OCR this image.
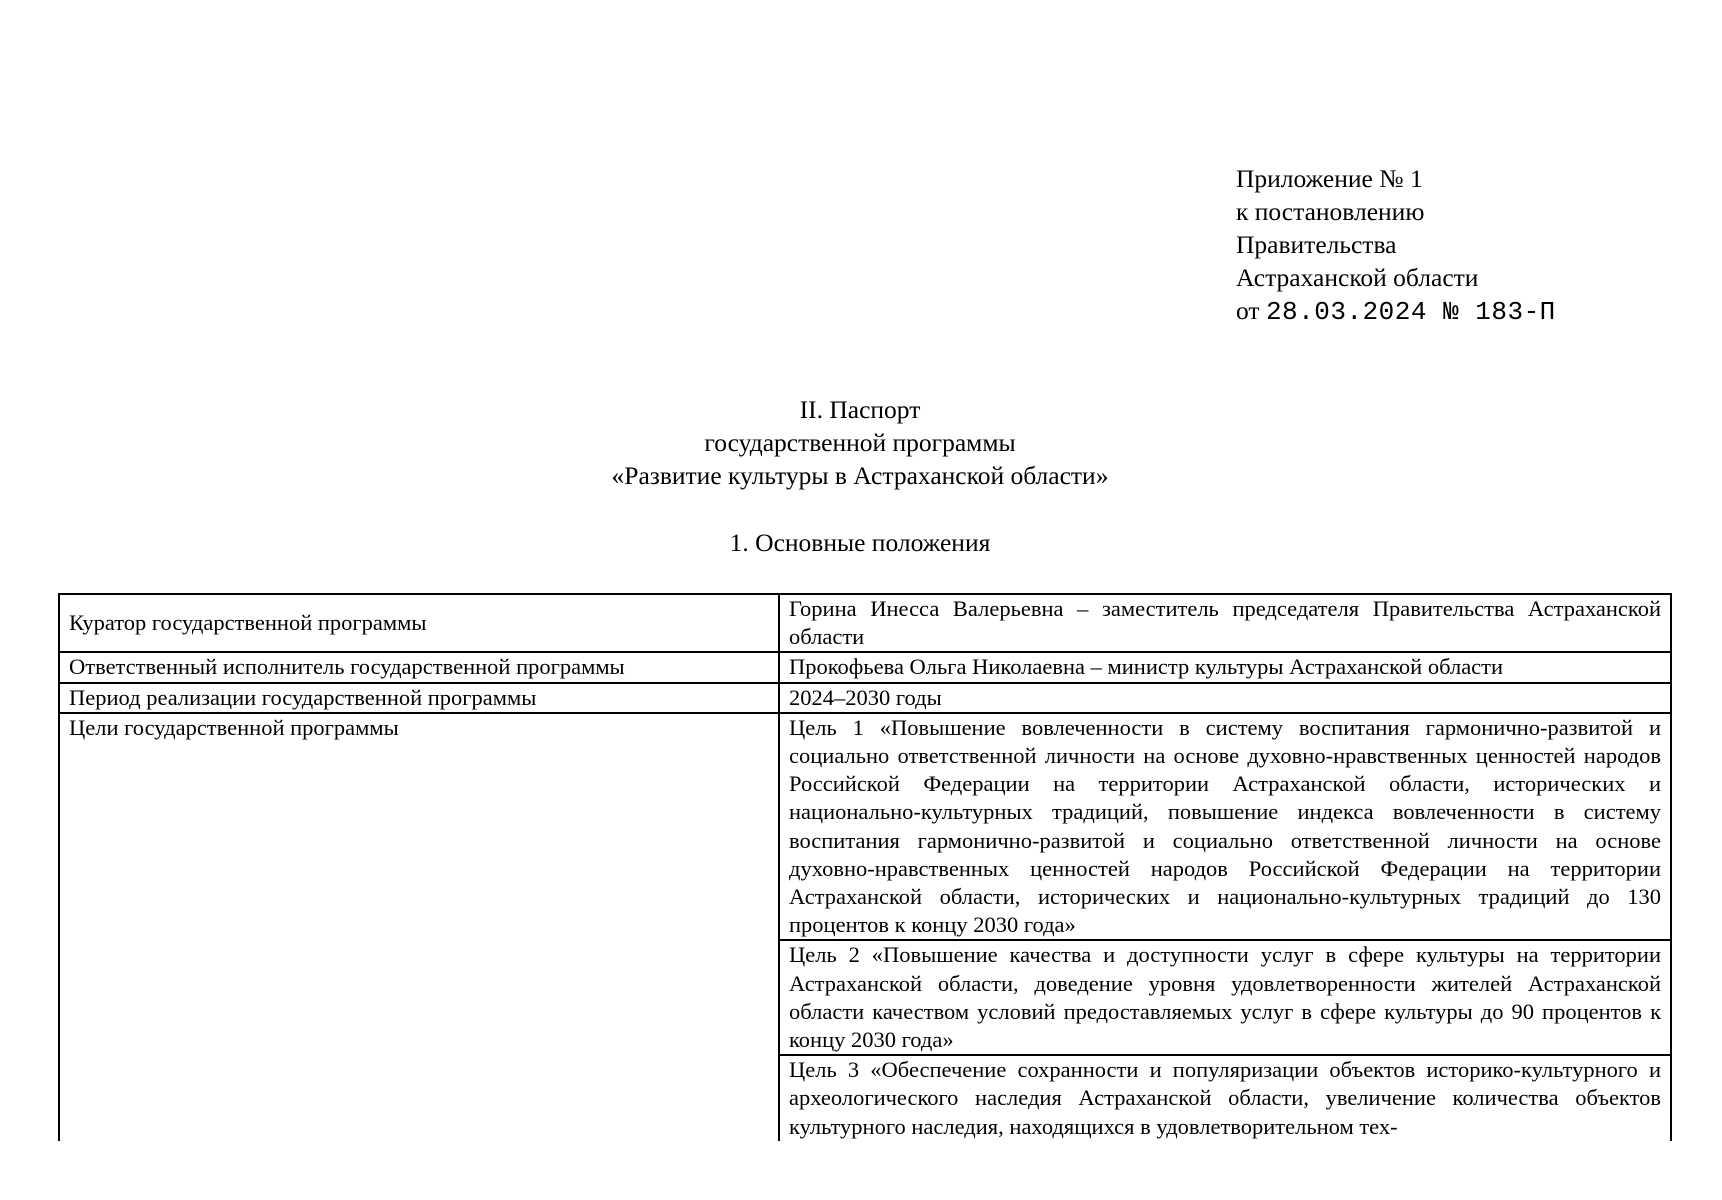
Приложение № 1
к постановлению
Правительства
Астраханской области
от 28.03.2024 № 183-П
II. Паспорт
государственной программы
«Развитие культуры в Астраханской области»
1. Основные положения
Куратор государственной программы	Горина Инесса Валерьевна – заместитель председателя Правительства Астраханской области
Ответственный исполнитель государственной программы	Прокофьева Ольга Николаевна – министр культуры Астраханской области
Период реализации государственной программы	2024–2030 годы
Цели государственной программы	Цель 1 «Повышение вовлеченности в систему воспитания гармонично-развитой и социально ответственной личности на основе духовно-нравственных ценностей народов Российской Федерации на территории Астраханской области, исторических и национально-культурных традиций, повышение индекса вовлеченности в систему воспитания гармонично-развитой и социально ответственной личности на основе духовно-нравственных ценностей народов Российской Федерации на территории Астраханской области, исторических и национально-культурных традиций до 130 процентов к концу 2030 года»
	Цель 2 «Повышение качества и доступности услуг в сфере культуры на территории Астраханской области, доведение уровня удовлетворенности жителей Астраханской области качеством условий предоставляемых услуг в сфере культуры до 90 процентов к концу 2030 года»
	Цель 3 «Обеспечение сохранности и популяризации объектов историко-культурного и археологического наследия Астраханской области, увеличение количества объектов культурного наследия, находящихся в удовлетворительном тех-
